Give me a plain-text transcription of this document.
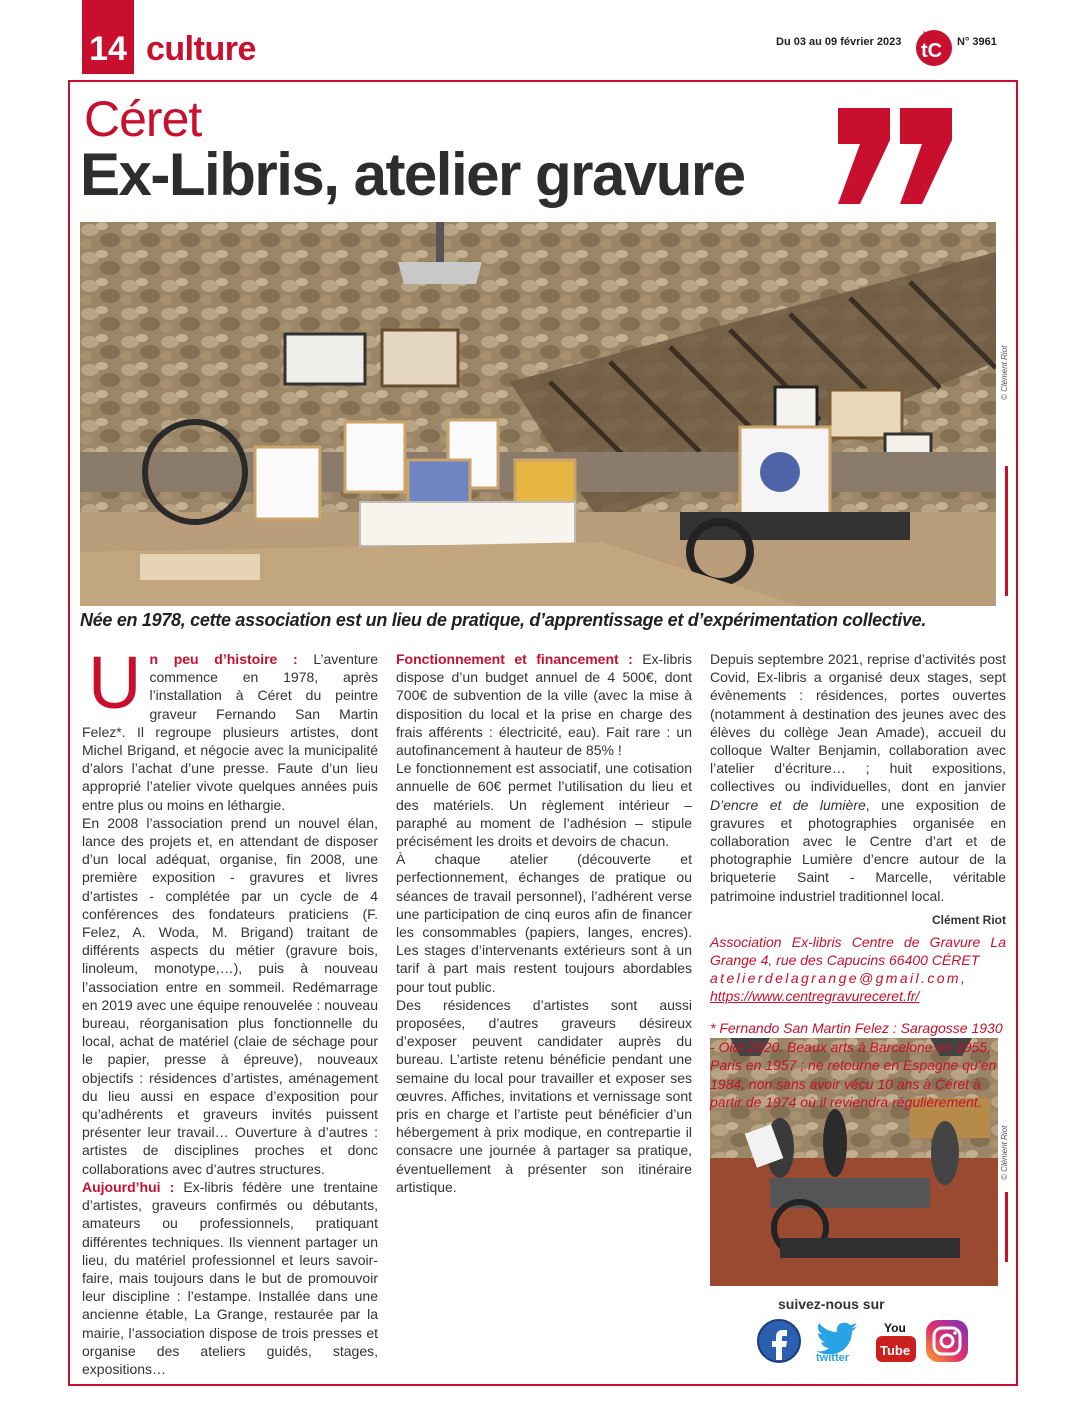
14 culture	Du 03 au 09 février 2023
le
tC N° 3961
Céret
Ex-Libris, atelier gravure
© Clément Riot
Née en 1978, cette association est un lieu de pratique, d’apprentissage et d’expérimentation collective.
U n peu d’histoire : L’aventure commence en 1978, après l’installation à Céret du peintre graveur Fernando San Martin Felez*. Il regroupe plusieurs artistes, dont Michel Brigand, et négocie avec la municipalité d’alors l’achat d’une presse. Faute d’un lieu approprié l’atelier vivote quelques années puis entre plus ou moins en léthargie.

En 2008 l’association prend un nouvel élan, lance des projets et, en attendant de disposer d’un local adéquat, organise, fin 2008, une première exposition - gravures et livres d’artistes - complétée par un cycle de 4 conférences des fondateurs praticiens (F. Felez, A. Woda, M. Brigand) traitant de différents aspects du métier (gravure bois, linoleum, monotype,…), puis à nouveau l’association entre en sommeil. Redémarrage en 2019 avec une équipe renouvelée : nouveau bureau, réorganisation plus fonctionnelle du local, achat de matériel (claie de séchage pour le papier, presse à épreuve), nouveaux objectifs : résidences d’artistes, aménagement du lieu aussi en espace d’exposition pour qu’adhérents et graveurs invités puissent présenter leur travail… Ouverture à d’autres : artistes de disciplines proches et donc collaborations avec d’autres structures.

Aujourd’hui : Ex-libris fédère une trentaine d’artistes, graveurs confirmés ou débutants, amateurs ou professionnels, pratiquant différentes techniques. Ils viennent partager un lieu, du matériel professionnel et leurs savoir-faire, mais toujours dans le but de promouvoir leur discipline : l’estampe. Installée dans une ancienne étable, La Grange, restaurée par la mairie, l’association dispose de trois presses et organise des ateliers guidés, stages, expositions…

© Clément Riot
suivez-nous sur
twitter
You
Tube

Fonctionnement et financement : Ex-libris dispose d’un budget annuel de 4 500€, dont 700€ de subvention de la ville (avec la mise à disposition du local et la prise en charge des frais afférents : électricité, eau). Fait rare : un autofinancement à hauteur de 85% !

Le fonctionnement est associatif, une cotisation annuelle de 60€ permet l’utilisation du lieu et des matériels. Un règlement intérieur – paraphé au moment de l’adhésion – stipule précisément les droits et devoirs de chacun.

À chaque atelier (découverte et perfectionnement, échanges de pratique ou séances de travail personnel), l’adhérent verse une participation de cinq euros afin de financer les consommables (papiers, langes, encres). Les stages d’intervenants extérieurs sont à un tarif à part mais restent toujours abordables pour tout public.

Des résidences d’artistes sont aussi proposées, d’autres graveurs désireux d’exposer peuvent candidater auprès du bureau. L’artiste retenu bénéficie pendant une semaine du local pour travailler et exposer ses œuvres. Affiches, invitations et vernissage sont pris en charge et l’artiste peut bénéficier d’un hébergement à prix modique, en contrepartie il consacre une journée à partager sa pratique, éventuellement à présenter son itinéraire artistique.

Depuis septembre 2021, reprise d’activités post Covid, Ex-libris a organisé deux stages, sept évènements : résidences, portes ouvertes (notamment à destination des jeunes avec des élèves du collège Jean Amade), accueil du colloque Walter Benjamin, collaboration avec l’atelier d’écriture… ; huit expositions, collectives ou individuelles, dont en janvier D’encre et de lumière, une exposition de gravures et photographies organisée en collaboration avec le Centre d’art et de photographie Lumière d’encre autour de la briqueterie Saint - Marcelle, véritable patrimoine industriel traditionnel local.

Clément Riot
Association Ex-libris Centre de Gravure La Grange 4, rue des Capucins 66400 CÉRET
atelierdelagrange@gmail.com,
https://www.centregravureceret.fr/
* Fernando San Martin Felez : Saragosse 1930 - Olot 2020. Beaux arts à Barcelone en 1955, Paris en 1957 ; ne retourne en Espagne qu’en 1984, non sans avoir vécu 10 ans à Céret à partir de 1974 où il reviendra régulièrement.
